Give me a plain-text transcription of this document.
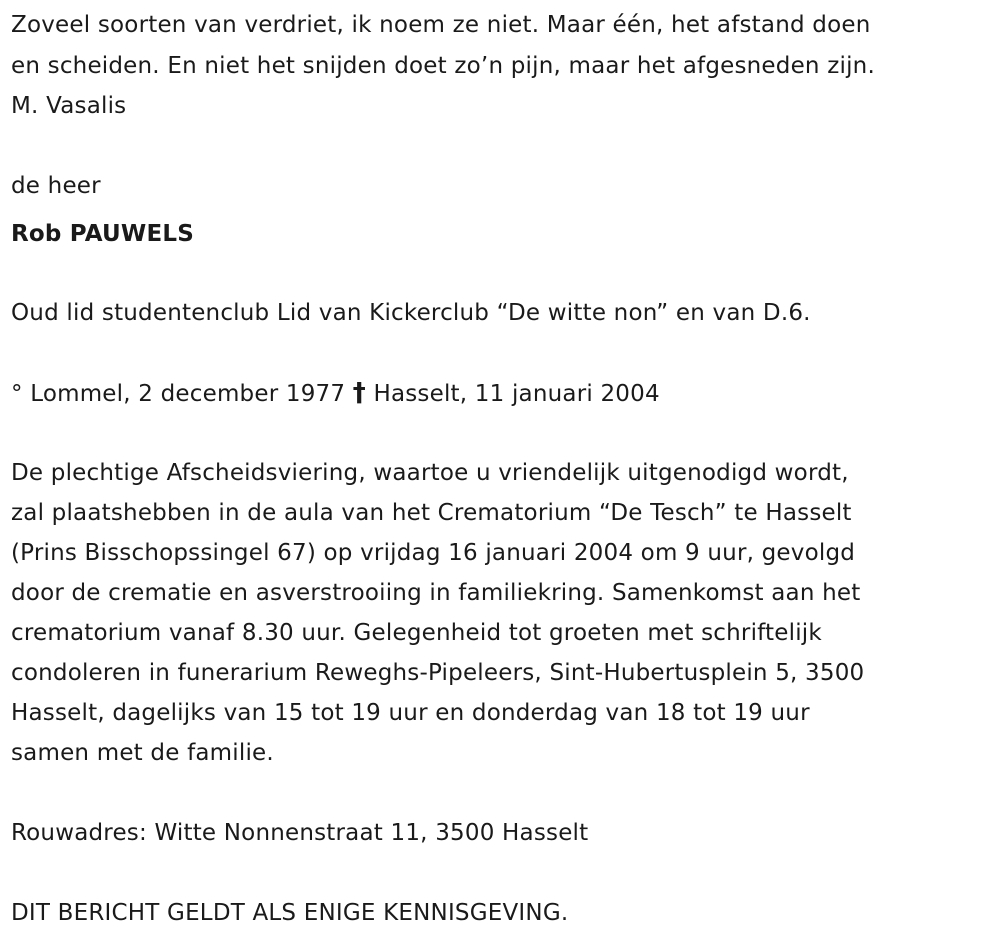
Zoveel soorten van verdriet, ik noem ze niet. Maar één, het afstand doen
en scheiden. En niet het snijden doet zo’n pijn, maar het afgesneden zijn.
M. Vasalis
de heer
Rob PAUWELS
Oud lid studentenclub Lid van Kickerclub “De witte non” en van D.6.
° Lommel, 2 december 1977 † Hasselt, 11 januari 2004
De plechtige Afscheidsviering, waartoe u vriendelijk uitgenodigd wordt,
zal plaatshebben in de aula van het Crematorium “De Tesch” te Hasselt
(Prins Bisschopssingel 67) op vrijdag 16 januari 2004 om 9 uur, gevolgd
door de crematie en asverstrooiing in familiekring. Samenkomst aan het
crematorium vanaf 8.30 uur. Gelegenheid tot groeten met schriftelijk
condoleren in funerarium Reweghs-Pipeleers, Sint-Hubertusplein 5, 3500
Hasselt, dagelijks van 15 tot 19 uur en donderdag van 18 tot 19 uur
samen met de familie.
Rouwadres: Witte Nonnenstraat 11, 3500 Hasselt
DIT BERICHT GELDT ALS ENIGE KENNISGEVING.
